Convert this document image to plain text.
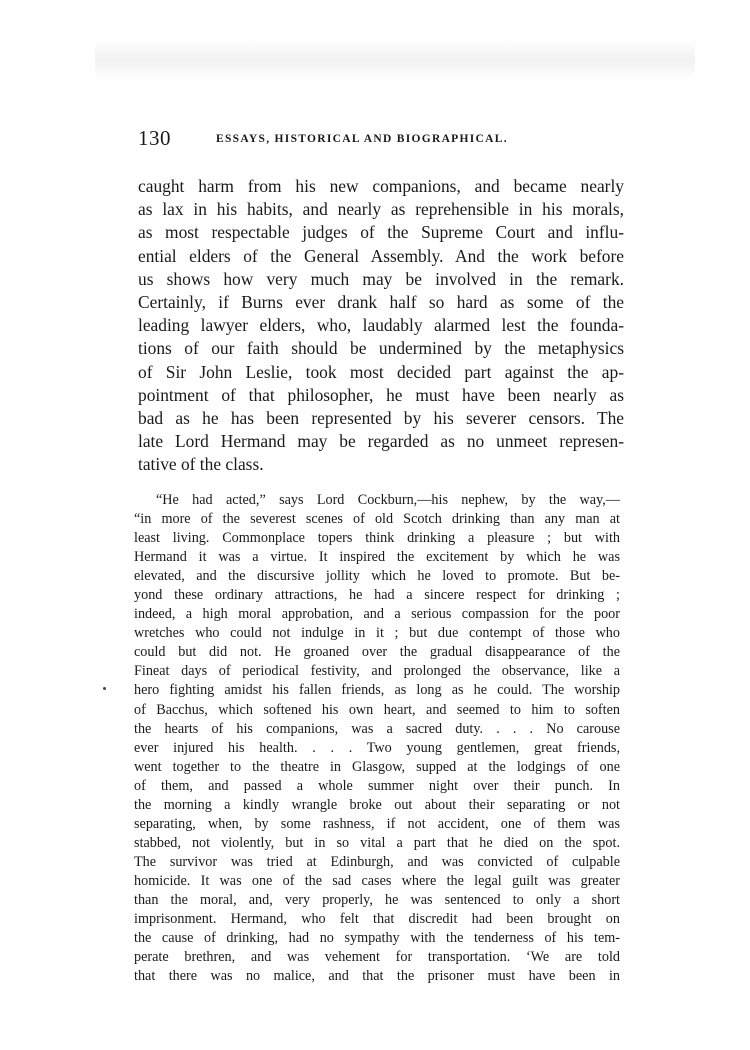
130	ESSAYS, HISTORICAL AND BIOGRAPHICAL.
caught harm from his new companions, and became nearly
as lax in his habits, and nearly as reprehensible in his morals,
as most respectable judges of the Supreme Court and influ-
ential elders of the General Assembly. And the work before
us shows how very much may be involved in the remark.
Certainly, if Burns ever drank half so hard as some of the
leading lawyer elders, who, laudably alarmed lest the founda-
tions of our faith should be undermined by the metaphysics
of Sir John Leslie, took most decided part against the ap-
pointment of that philosopher, he must have been nearly as
bad as he has been represented by his severer censors. The
late Lord Hermand may be regarded as no unmeet represen-
tative of the class.
“He had acted,” says Lord Cockburn,—his nephew, by the way,—
“in more of the severest scenes of old Scotch drinking than any man at
least living. Commonplace topers think drinking a pleasure ; but with
Hermand it was a virtue. It inspired the excitement by which he was
elevated, and the discursive jollity which he loved to promote. But be-
yond these ordinary attractions, he had a sincere respect for drinking ;
indeed, a high moral approbation, and a serious compassion for the poor
wretches who could not indulge in it ; but due contempt of those who
could but did not. He groaned over the gradual disappearance of the
Fineat days of periodical festivity, and prolonged the observance, like a
hero fighting amidst his fallen friends, as long as he could. The worship
of Bacchus, which softened his own heart, and seemed to him to soften
the hearts of his companions, was a sacred duty. . . . No carouse
ever injured his health. . . . Two young gentlemen, great friends,
went together to the theatre in Glasgow, supped at the lodgings of one
of them, and passed a whole summer night over their punch. In
the morning a kindly wrangle broke out about their separating or not
separating, when, by some rashness, if not accident, one of them was
stabbed, not violently, but in so vital a part that he died on the spot.
The survivor was tried at Edinburgh, and was convicted of culpable
homicide. It was one of the sad cases where the legal guilt was greater
than the moral, and, very properly, he was sentenced to only a short
imprisonment. Hermand, who felt that discredit had been brought on
the cause of drinking, had no sympathy with the tenderness of his tem-
perate brethren, and was vehement for transportation. ‘We are told
that there was no malice, and that the prisoner must have been in
